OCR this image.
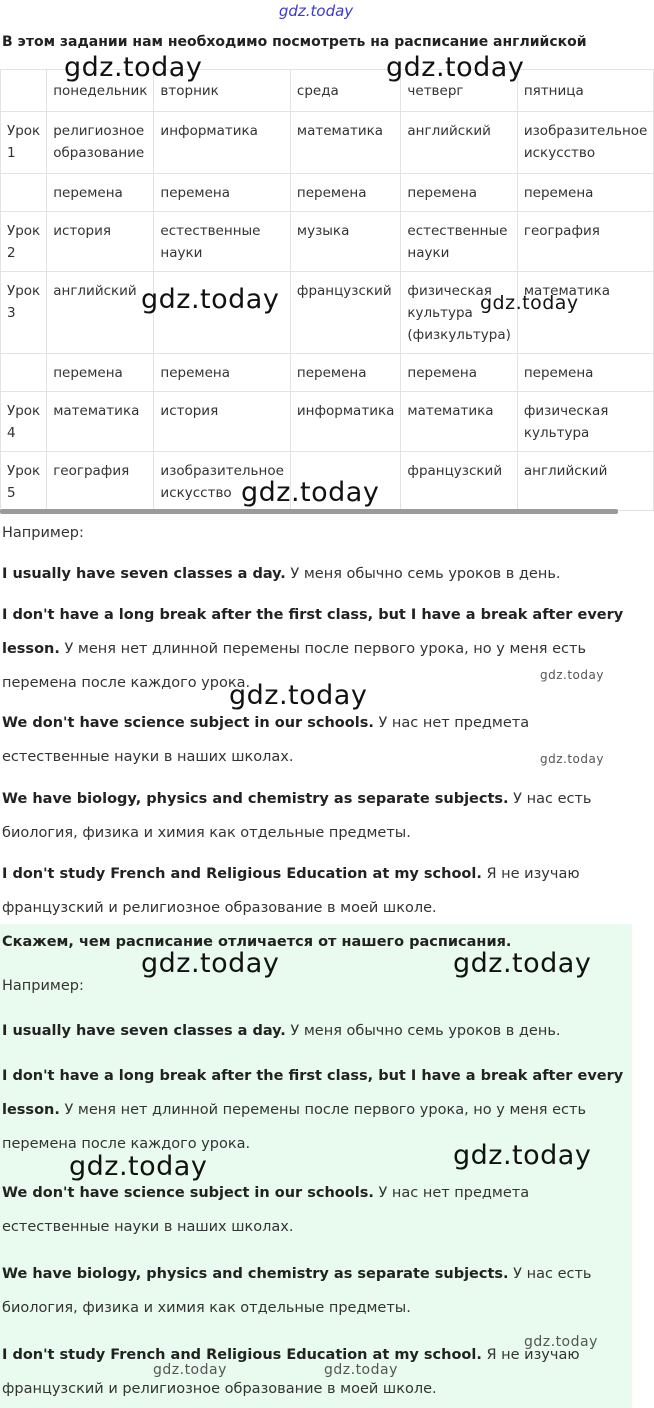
gdz.today
В этом задании нам необходимо посмотреть на расписание английской
	понедельник	вторник	среда	четверг	пятница
Урок 1	религиозное образование	информатика	математика	английский	изобразительное искусство
	перемена	перемена	перемена	перемена	перемена
Урок 2	история	естественные науки	музыка	естественные науки	география
Урок 3	английский		французский	физическая культура (физкультура)	математика
	перемена	перемена	перемена	перемена	перемена
Урок 4	математика	история	информатика	математика	физическая культура
Урок 5	география	изобразительное искусство		французский	английский
Например:
I usually have seven classes a day. У меня обычно семь уроков в день.
I don't have a long break after the first class, but I have a break after every lesson. У меня нет длинной перемены после первого урока, но у меня есть перемена после каждого урока.
We don't have science subject in our schools. У нас нет предмета естественные науки в наших школах.
We have biology, physics and chemistry as separate subjects. У нас есть биология, физика и химия как отдельные предметы.
I don't study French and Religious Education at my school. Я не изучаю французский и религиозное образование в моей школе.
Скажем, чем расписание отличается от нашего расписания.
Например:
I usually have seven classes a day. У меня обычно семь уроков в день.
I don't have a long break after the first class, but I have a break after every lesson. У меня нет длинной перемены после первого урока, но у меня есть перемена после каждого урока.
We don't have science subject in our schools. У нас нет предмета естественные науки в наших школах.
We have biology, physics and chemistry as separate subjects. У нас есть биология, физика и химия как отдельные предметы.
I don't study French and Religious Education at my school. Я не изучаю французский и религиозное образование в моей школе.
gdz.today	gdz.today
gdz.today	gdz.today
gdz.today
gdz.today
gdz.today
gdz.today
gdz.today	gdz.today
gdz.today	gdz.today
gdz.today
gdz.today	gdz.today
